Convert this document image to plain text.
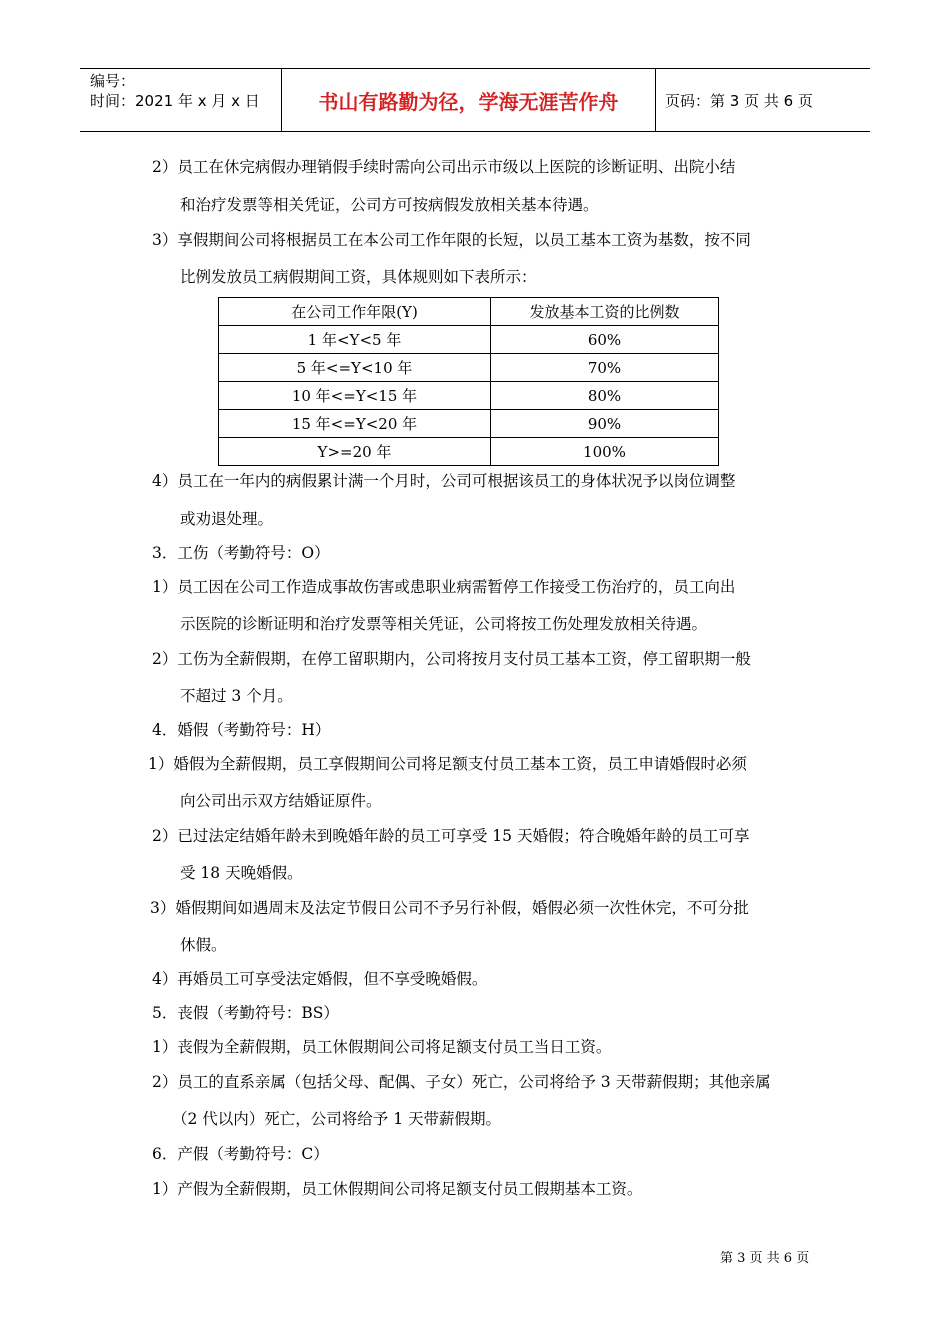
编号：
时间：2021 年 x 月 x 日	书山有路勤为径，学海无涯苦作舟	页码：第 3 页 共 6 页
2）员工在休完病假办理销假手续时需向公司出示市级以上医院的诊断证明、出院小结
和治疗发票等相关凭证，公司方可按病假发放相关基本待遇。
3）享假期间公司将根据员工在本公司工作年限的长短，以员工基本工资为基数，按不同
比例发放员工病假期间工资，具体规则如下表所示：
在公司工作年限(Y)	发放基本工资的比例数
1 年<Y<5 年	60%
5 年<=Y<10 年	70%
10 年<=Y<15 年	80%
15 年<=Y<20 年	90%
Y>=20 年	100%
4）员工在一年内的病假累计满一个月时，公司可根据该员工的身体状况予以岗位调整
或劝退处理。
3．工伤（考勤符号：O）
1）员工因在公司工作造成事故伤害或患职业病需暂停工作接受工伤治疗的，员工向出
示医院的诊断证明和治疗发票等相关凭证，公司将按工伤处理发放相关待遇。
2）工伤为全薪假期，在停工留职期内，公司将按月支付员工基本工资，停工留职期一般
不超过 3 个月。
4．婚假（考勤符号：H）
1）婚假为全薪假期，员工享假期间公司将足额支付员工基本工资，员工申请婚假时必须
向公司出示双方结婚证原件。
2）已过法定结婚年龄未到晚婚年龄的员工可享受 15 天婚假；符合晚婚年龄的员工可享
受 18 天晚婚假。
3）婚假期间如遇周末及法定节假日公司不予另行补假，婚假必须一次性休完，不可分批
休假。
4）再婚员工可享受法定婚假，但不享受晚婚假。
5．丧假（考勤符号：BS）
1）丧假为全薪假期，员工休假期间公司将足额支付员工当日工资。
2）员工的直系亲属（包括父母、配偶、子女）死亡，公司将给予 3 天带薪假期；其他亲属
（2 代以内）死亡，公司将给予 1 天带薪假期。
6．产假（考勤符号：C）
1）产假为全薪假期，员工休假期间公司将足额支付员工假期基本工资。
第 3 页 共 6 页
